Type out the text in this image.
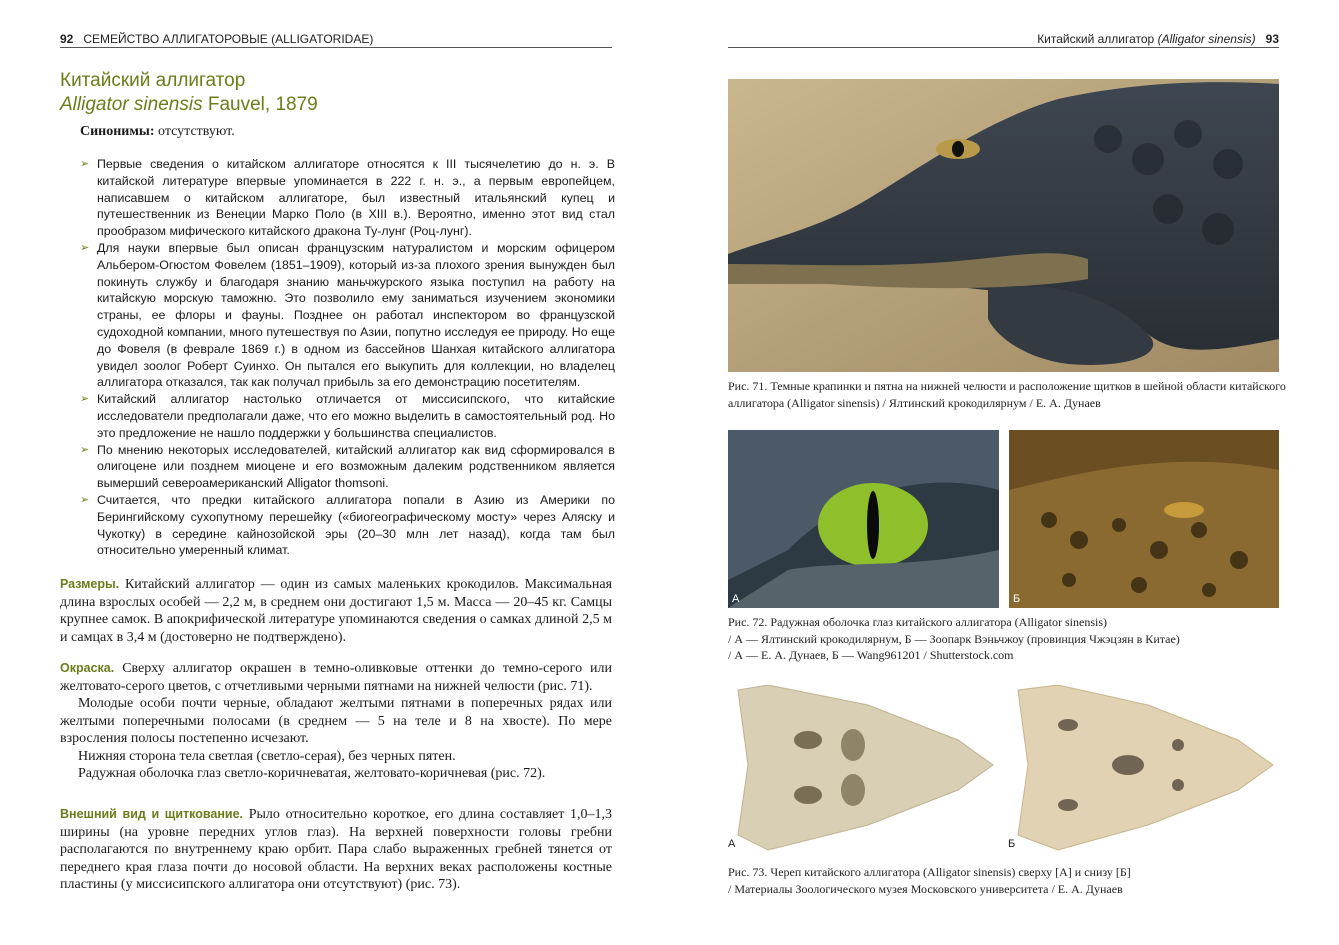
92 СЕМЕЙСТВО АЛЛИГАТОРОВЫЕ (ALLIGATORIDAE)
Китайский аллигатор
Alligator sinensis Fauvel, 1879
Синонимы: отсутствуют.

➢ Первые сведения о китайском аллигаторе относятся к III тысячелетию до н. э. В китайской литературе впервые упоминается в 222 г. н. э., а первым европейцем, написавшем о китайском аллигаторе, был известный итальянский купец и путешественник из Венеции Марко Поло (в XIII в.). Вероятно, именно этот вид стал прообразом мифического китайского дракона Ту-лунг (Роц-лунг).

➢ Для науки впервые был описан французским натуралистом и морским офицером Альбером-Огюстом Фовелем (1851–1909), который из-за плохого зрения вынужден был покинуть службу и благодаря знанию маньчжурского языка поступил на работу на китайскую морскую таможню. Это позволило ему заниматься изучением экономики страны, ее флоры и фауны. Позднее он работал инспектором во французской судоходной компании, много путешествуя по Азии, попутно исследуя ее природу. Но еще до Фовеля (в феврале 1869 г.) в одном из бассейнов Шанхая китайского аллигатора увидел зоолог Роберт Суинхо. Он пытался его выкупить для коллекции, но владелец аллигатора отказался, так как получал прибыль за его демонстрацию посетителям.

➢ Китайский аллигатор настолько отличается от миссисипского, что китайские исследователи предполагали даже, что его можно выделить в самостоятельный род. Но это предложение не нашло поддержки у большинства специалистов.

➢ По мнению некоторых исследователей, китайский аллигатор как вид сформировался в олигоцене или позднем миоцене и его возможным далеким родственником является вымерший североамериканский Alligator thomsoni.

➢ Считается, что предки китайского аллигатора попали в Азию из Америки по Берингийскому сухопутному перешейку («биогеографическому мосту» через Аляску и Чукотку) в середине кайнозойской эры (20–30 млн лет назад), когда там был относительно умеренный климат.

Размеры. Китайский аллигатор — один из самых маленьких крокодилов. Максимальная длина взрослых особей — 2,2 м, в среднем они достигают 1,5 м. Масса — 20–45 кг. Самцы крупнее самок. В апокрифической литературе упоминаются сведения о самках длиной 2,5 м и самцах в 3,4 м (достоверно не подтверждено).
Окраска. Сверху аллигатор окрашен в темно-оливковые оттенки до темно-серого или желтовато-серого цветов, с отчетливыми черными пятнами на нижней челюсти (рис. 71).
Молодые особи почти черные, обладают желтыми пятнами в поперечных рядах или желтыми поперечными полосами (в среднем — 5 на теле и 8 на хвосте). По мере взросления полосы постепенно исчезают.
Нижняя сторона тела светлая (светло-серая), без черных пятен.
Радужная оболочка глаз светло-коричневатая, желтовато-коричневая (рис. 72).
Внешний вид и щиткование. Рыло относительно короткое, его длина составляет 1,0–1,3 ширины (на уровне передних углов глаз). На верхней поверхности головы гребни располагаются по внутреннему краю орбит. Пара слабо выраженных гребней тянется от переднего края глаза почти до носовой области. На верхних веках расположены костные пластины (у миссисипского аллигатора они отсутствуют) (рис. 73).
Китайский аллигатор (Alligator sinensis) 93
Рис. 71. Темные крапинки и пятна на нижней челюсти и расположение щитков в шейной области китайского аллигатора (Alligator sinensis) / Ялтинский крокодилярнум / Е. А. Дунаев
А	Б
Рис. 72. Радужная оболочка глаз китайского аллигатора (Alligator sinensis)
/ А — Ялтинский крокодилярнум, Б — Зоопарк Вэньчжоу (провинция Чжэцзян в Китае)
/ А — Е. А. Дунаев, Б — Wang961201 / Shutterstock.com
А	Б
Рис. 73. Череп китайского аллигатора (Alligator sinensis) сверху [А] и снизу [Б]
/ Материалы Зоологического музея Московского университета / Е. А. Дунаев
